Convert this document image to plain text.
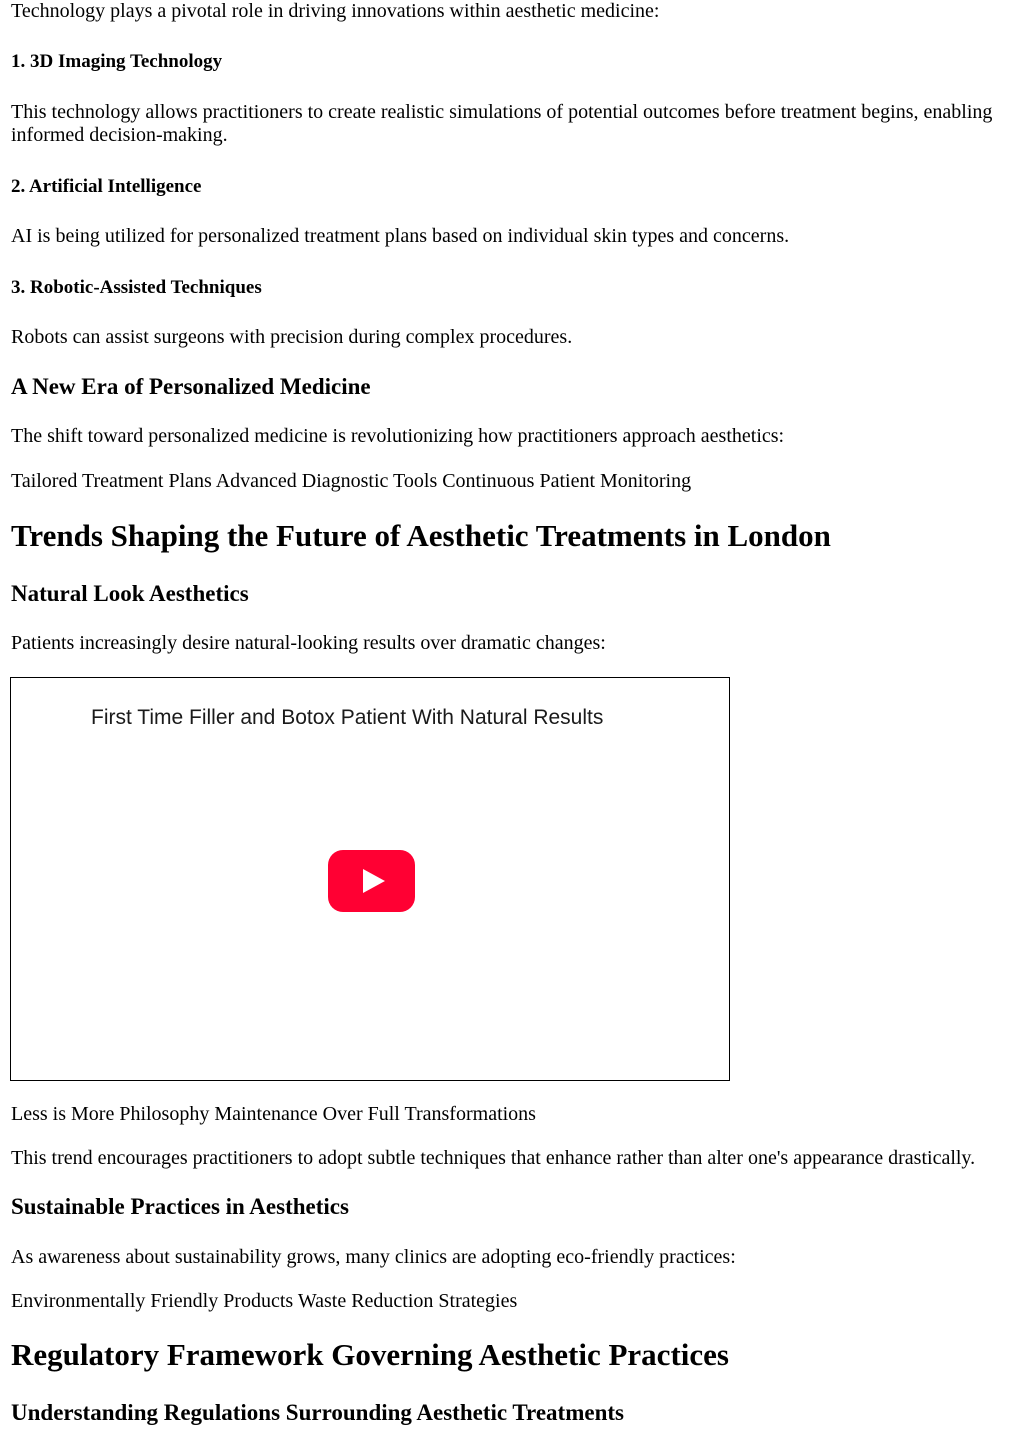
Technology plays a pivotal role in driving innovations within aesthetic medicine:

1. 3D Imaging Technology

This technology allows practitioners to create realistic simulations of potential outcomes before treatment begins, enabling informed decision-making.

2. Artificial Intelligence

AI is being utilized for personalized treatment plans based on individual skin types and concerns.

3. Robotic-Assisted Techniques

Robots can assist surgeons with precision during complex procedures.

A New Era of Personalized Medicine

The shift toward personalized medicine is revolutionizing how practitioners approach aesthetics:

Tailored Treatment Plans Advanced Diagnostic Tools Continuous Patient Monitoring

Trends Shaping the Future of Aesthetic Treatments in London
Natural Look Aesthetics

Patients increasingly desire natural-looking results over dramatic changes:

First Time Filler and Botox Patient With Natural Results

Less is More Philosophy Maintenance Over Full Transformations

This trend encourages practitioners to adopt subtle techniques that enhance rather than alter one's appearance drastically.

Sustainable Practices in Aesthetics

As awareness about sustainability grows, many clinics are adopting eco-friendly practices:

Environmentally Friendly Products Waste Reduction Strategies

Regulatory Framework Governing Aesthetic Practices
Understanding Regulations Surrounding Aesthetic Treatments
